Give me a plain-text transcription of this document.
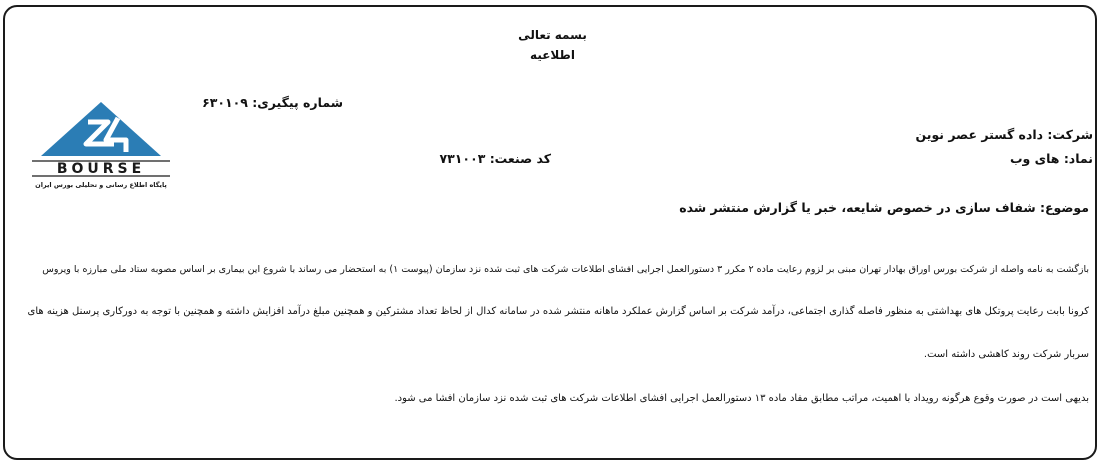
بسمه تعالی
اطلاعیه
BOURSE
پایگاه اطلاع رسانی و تحلیلی بورس ایران
شماره پیگیری: ۶۳۰۱۰۹
شرکت: داده گستر عصر نوین
نماد: های وب
کد صنعت: ۷۳۱۰۰۳
موضوع: شفاف سازی در خصوص شایعه، خبر یا گزارش منتشر شده
بازگشت به نامه واصله از شرکت بورس اوراق بهادار تهران مبنی بر لزوم رعایت ماده ۲ مکرر ۳ دستورالعمل اجرایی افشای اطلاعات شرکت های ثبت شده نزد سازمان (پیوست ۱) به استحضار می رساند با شروع این بیماری بر اساس مصوبه ستاد ملی مبارزه با ویروس
کرونا بابت رعایت پروتکل های بهداشتی به منظور فاصله گذاری اجتماعی، درآمد شرکت بر اساس گزارش عملکرد ماهانه منتشر شده در سامانه کدال از لحاظ تعداد مشترکین و همچنین مبلغ درآمد افزایش داشته و همچنین با توجه به دورکاری پرسنل هزینه های
سربار شرکت روند کاهشی داشته است.
بدیهی است در صورت وقوع هرگونه رویداد با اهمیت، مراتب مطابق مفاد ماده ۱۳ دستورالعمل اجرایی افشای اطلاعات شرکت های ثبت شده نزد سازمان افشا می شود.
